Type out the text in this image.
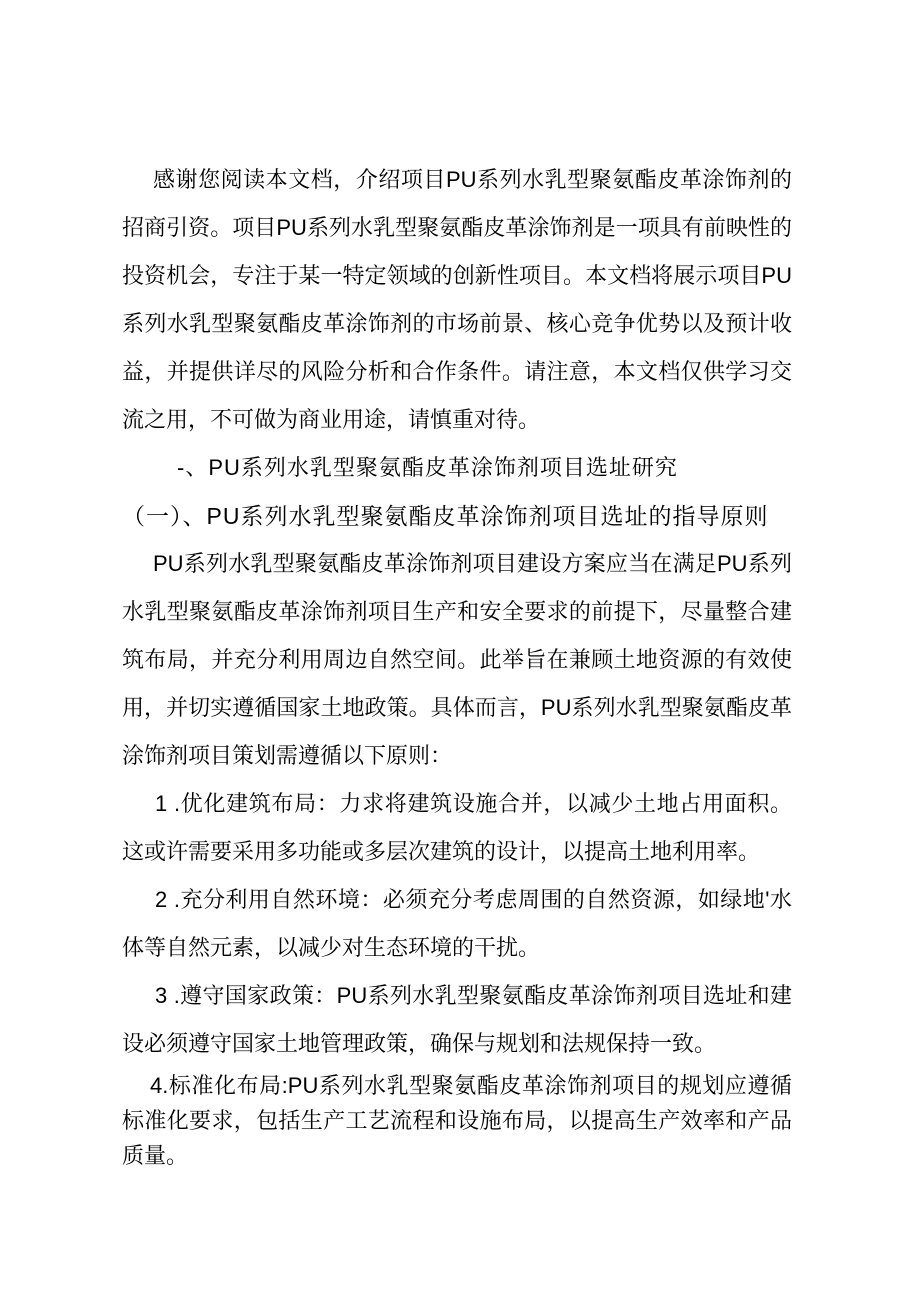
感谢您阅读本文档，介绍项目PU系列水乳型聚氨酯皮革涂饰剂的招商引资。项目PU系列水乳型聚氨酯皮革涂饰剂是一项具有前映性的投资机会，专注于某一特定领域的创新性项目。本文档将展示项目PU系列水乳型聚氨酯皮革涂饰剂的市场前景、核心竞争优势以及预计收益，并提供详尽的风险分析和合作条件。请注意，本文档仅供学习交流之用，不可做为商业用途，请慎重对待。

-、PU系列水乳型聚氨酯皮革涂饰剂项目选址研究
（一）、PU系列水乳型聚氨酯皮革涂饰剂项目选址的指导原则

PU系列水乳型聚氨酯皮革涂饰剂项目建设方案应当在满足PU系列水乳型聚氨酯皮革涂饰剂项目生产和安全要求的前提下，尽量整合建筑布局，并充分利用周边自然空间。此举旨在兼顾土地资源的有效使用，并切实遵循国家土地政策。具体而言，PU系列水乳型聚氨酯皮革涂饰剂项目策划需遵循以下原则：

1 .优化建筑布局：力求将建筑设施合并，以减少土地占用面积。这或许需要采用多功能或多层次建筑的设计，以提高土地利用率。

2 .充分利用自然环境：必须充分考虑周围的自然资源，如绿地'水体等自然元素，以减少对生态环境的干扰。

3 .遵守国家政策：PU系列水乳型聚氨酯皮革涂饰剂项目选址和建设必须遵守国家土地管理政策，确保与规划和法规保持一致。

4.标准化布局:PU系列水乳型聚氨酯皮革涂饰剂项目的规划应遵循标准化要求，包括生产工艺流程和设施布局，以提高生产效率和产品质量。
